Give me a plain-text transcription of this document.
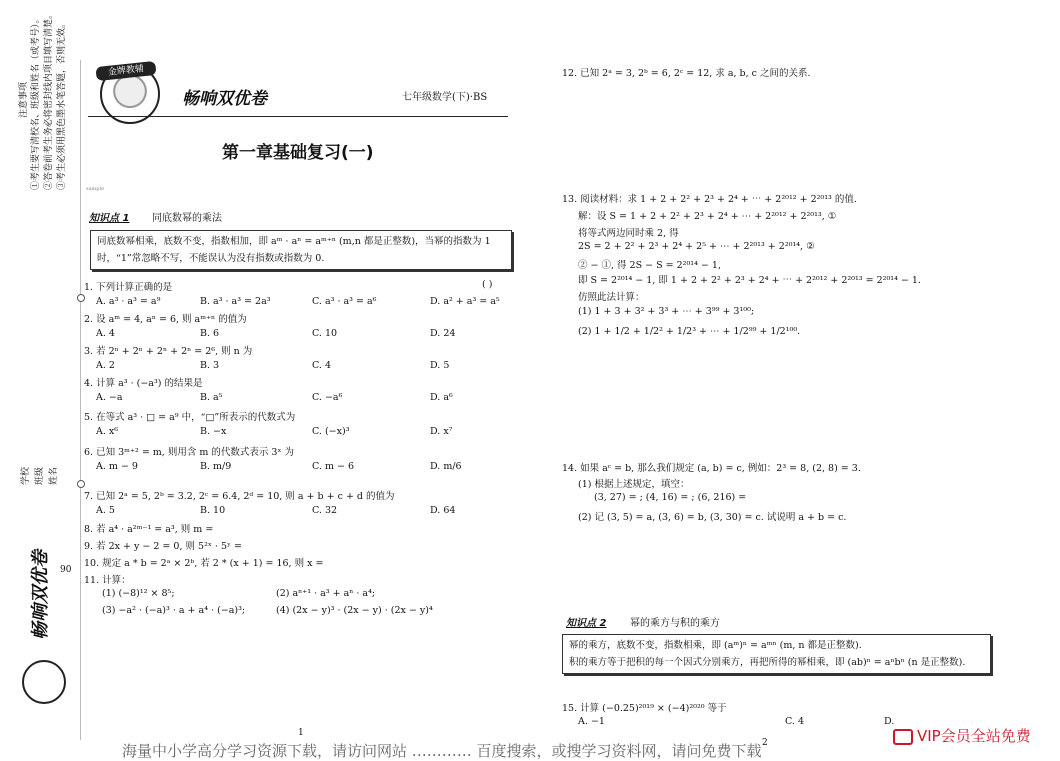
注意事项 ①考生要写清校名、班级和姓名（或考号）。 ②答卷前考生务必将密封线内项目填写清楚。 ③考生必须用黑色墨水笔答题，否则无效。
学校 班级 姓名
畅响双优卷 90
金牌教辅
畅响双优卷	七年级数学(下)·BS
第一章基础复习(一)
sample
知识点 1 同底数幂的乘法
同底数幂相乘，底数不变，指数相加，即 aᵐ · aⁿ = aᵐ⁺ⁿ (m,n 都是正整数)，当幂的指数为 1 时，“1”常忽略不写，不能误认为没有指数或指数为 0.
1. 下列计算正确的是	( )
A. a³ · a³ = a⁹	B. a³ · a³ = 2a³	C. a³ · a³ = a⁶	D. a² + a³ = a⁵
2. 设 aᵐ = 4, aⁿ = 6, 则 aᵐ⁺ⁿ 的值为
A. 4	B. 6	C. 10	D. 24
3. 若 2ⁿ + 2ⁿ + 2ⁿ + 2ⁿ = 2⁶, 则 n 为
A. 2	B. 3	C. 4	D. 5
4. 计算 a³ · (−a³) 的结果是
A. −a	B. a⁵	C. −a⁶	D. a⁶
5. 在等式 a³ · □ = a⁹ 中，“□”所表示的代数式为
A. x⁶	B. −x	C. (−x)³	D. x⁷
6. 已知 3ᵐ⁺² = m, 则用含 m 的代数式表示 3ˣ 为
A. m − 9	B. m/9	C. m − 6	D. m/6
7. 已知 2ᵃ = 5, 2ᵇ = 3.2, 2ᶜ = 6.4, 2ᵈ = 10, 则 a + b + c + d 的值为
A. 5	B. 10	C. 32	D. 64
8. 若 a⁴ · a²ᵐ⁻¹ = a³, 则 m =
9. 若 2x + y − 2 = 0, 则 5²ˣ · 5ʸ =
10. 规定 a * b = 2ᵃ × 2ᵇ, 若 2 * (x + 1) = 16, 则 x =
11. 计算：
(1) (−8)¹² × 8⁵;	(2) aⁿ⁺¹ · a³ + aⁿ · a⁴;
(3) −a² · (−a)³ · a + a⁴ · (−a)³;	(4) (2x − y)³ · (2x − y) · (2x − y)⁴
12. 已知 2ᵃ = 3, 2ᵇ = 6, 2ᶜ = 12, 求 a, b, c 之间的关系.
13. 阅读材料：求 1 + 2 + 2² + 2³ + 2⁴ + ⋯ + 2²⁰¹² + 2²⁰¹³ 的值.
解：设 S = 1 + 2 + 2² + 2³ + 2⁴ + ⋯ + 2²⁰¹² + 2²⁰¹³, ①
将等式两边同时乘 2, 得
2S = 2 + 2² + 2³ + 2⁴ + 2⁵ + ⋯ + 2²⁰¹³ + 2²⁰¹⁴, ②
② − ①, 得 2S − S = 2²⁰¹⁴ − 1,
即 S = 2²⁰¹⁴ − 1, 即 1 + 2 + 2² + 2³ + 2⁴ + ⋯ + 2²⁰¹² + 2²⁰¹³ = 2²⁰¹⁴ − 1.
仿照此法计算：
(1) 1 + 3 + 3² + 3³ + ⋯ + 3⁹⁹ + 3¹⁰⁰;
(2) 1 + 1/2 + 1/2² + 1/2³ + ⋯ + 1/2⁹⁹ + 1/2¹⁰⁰.
14. 如果 aᶜ = b, 那么我们规定 (a, b) = c, 例如：2³ = 8, (2, 8) = 3.
(1) 根据上述规定，填空：
(3, 27) = ; (4, 16) = ; (6, 216) =
(2) 记 (3, 5) = a, (3, 6) = b, (3, 30) = c. 试说明 a + b = c.
知识点 2 幂的乘方与积的乘方
幂的乘方，底数不变，指数相乘，即 (aᵐ)ⁿ = aᵐⁿ (m, n 都是正整数).
积的乘方等于把积的每一个因式分别乘方，再把所得的幂相乘，即 (ab)ⁿ = aⁿbⁿ (n 是正整数).
15. 计算 (−0.25)²⁰¹⁹ × (−4)²⁰²⁰ 等于
A. −1	C. 4	D.
1
2
海量中小学高分学习资源下载，请访问网站 ………… 百度搜索，或搜学习资料网，请问免费下载
VIP会员全站免费
